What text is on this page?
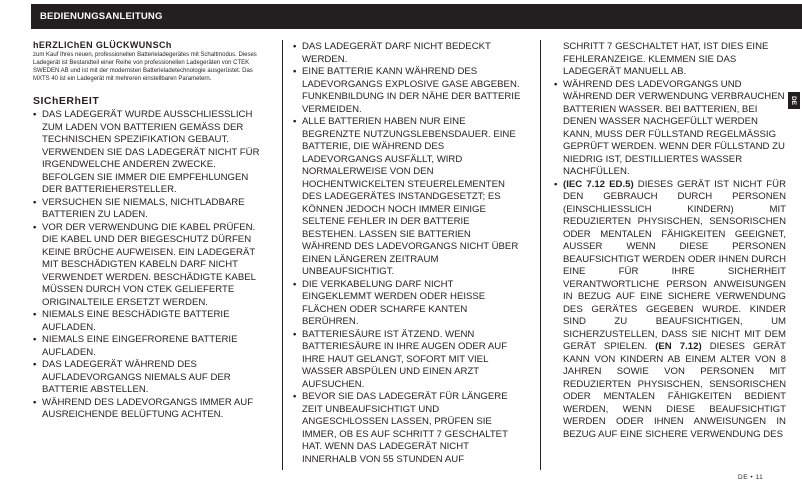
BEDIENUNGSANLEITUNG
DE
hERZLIChEN GLÜCKWUNSCh

zum Kauf Ihres neuen, professionellen Batterieladegerätes mit Schaltmodus. Dieses Ladegerät ist Bestandteil einer Reihe von professionellen Ladegeräten von CTEK SWEDEN AB und ist mit der modernsten Batterieladetechnologie ausgerüstet. Das MXTS 40 ist ein Ladegerät mit mehreren einstellbaren Parametern.

SIChERhEIT
• DAS LADEGERÄT WURDE AUSSCHLIESSLICH ZUM LADEN VON BATTERIEN GEMÄSS DER TECHNISCHEN SPEZIFIKATION GEBAUT. VERWENDEN SIE DAS LADEGERÄT NICHT FÜR IRGENDWELCHE ANDEREN ZWECKE. BEFOLGEN SIE IMMER DIE EMPFEHLUNGEN DER BATTERIEHERSTELLER.
• VERSUCHEN SIE NIEMALS, NICHTLADBARE BATTERIEN ZU LADEN.
• VOR DER VERWENDUNG DIE KABEL PRÜFEN. DIE KABEL UND DER BIEGESCHUTZ DÜRFEN KEINE BRÜCHE AUFWEISEN. EIN LADEGERÄT MIT BESCHÄDIGTEN KABELN DARF NICHT VERWENDET WERDEN. BESCHÄDIGTE KABEL MÜSSEN DURCH VON CTEK GELIEFERTE ORIGINALTEILE ERSETZT WERDEN.
• NIEMALS EINE BESCHÄDIGTE BATTERIE AUFLADEN.
• NIEMALS EINE EINGEFRORENE BATTERIE AUFLADEN.
• DAS LADEGERÄT WÄHREND DES AUFLADEVORGANGS NIEMALS AUF DER BATTERIE ABSTELLEN.
• WÄHREND DES LADEVORGANGS IMMER AUF AUSREICHENDE BELÜFTUNG ACHTEN.
• DAS LADEGERÄT DARF NICHT BEDECKT WERDEN.
• EINE BATTERIE KANN WÄHREND DES LADEVORGANGS EXPLOSIVE GASE ABGEBEN. FUNKENBILDUNG IN DER NÄHE DER BATTERIE VERMEIDEN.
• ALLE BATTERIEN HABEN NUR EINE BEGRENZTE NUTZUNGSLEBENSDAUER. EINE BATTERIE, DIE WÄHREND DES LADEVORGANGS AUSFÄLLT, WIRD NORMALERWEISE VON DEN HOCHENTWICKELTEN STEUERELEMENTEN DES LADEGERÄTES INSTANDGESETZT; ES KÖNNEN JEDOCH NOCH IMMER EINIGE SELTENE FEHLER IN DER BATTERIE BESTEHEN. LASSEN SIE BATTERIEN WÄHREND DES LADEVORGANGS NICHT ÜBER EINEN LÄNGEREN ZEITRAUM UNBEAUFSICHTIGT.
• DIE VERKABELUNG DARF NICHT EINGEKLEMMT WERDEN ODER HEISSE FLÄCHEN ODER SCHARFE KANTEN BERÜHREN.
• BATTERIESÄURE IST ÄTZEND. WENN BATTERIESÄURE IN IHRE AUGEN ODER AUF IHRE HAUT GELANGT, SOFORT MIT VIEL WASSER ABSPÜLEN UND EINEN ARZT AUFSUCHEN.
• BEVOR SIE DAS LADEGERÄT FÜR LÄNGERE ZEIT UNBEAUFSICHTIGT UND ANGESCHLOSSEN LASSEN, PRÜFEN SIE IMMER, OB ES AUF SCHRITT 7 GESCHALTET HAT. WENN DAS LADEGERÄT NICHT INNERHALB VON 55 STUNDEN AUF
SCHRITT 7 GESCHALTET HAT, IST DIES EINE FEHLERANZEIGE. KLEMMEN SIE DAS LADEGERÄT MANUELL AB.
• WÄHREND DES LADEVORGANGS UND WÄHREND DER VERWENDUNG VERBRAUCHEN BATTERIEN WASSER. BEI BATTERIEN, BEI DENEN WASSER NACHGEFÜLLT WERDEN KANN, MUSS DER FÜLLSTAND REGELMÄSSIG GEPRÜFT WERDEN. WENN DER FÜLLSTAND ZU NIEDRIG IST, DESTILLIERTES WASSER NACHFÜLLEN.
• (IEC 7.12 ED.5) DIESES GERÄT IST NICHT FÜR DEN GEBRAUCH DURCH PERSONEN (EINSCHLIESSLICH KINDERN) MIT REDUZIERTEN PHYSISCHEN, SENSORISCHEN ODER MENTALEN FÄHIGKEITEN GEEIGNET, AUSSER WENN DIESE PERSONEN BEAUFSICHTIGT WERDEN ODER IHNEN DURCH EINE FÜR IHRE SICHERHEIT VERANTWORTLICHE PERSON ANWEISUNGEN IN BEZUG AUF EINE SICHERE VERWENDUNG DES GERÄTES GEGEBEN WURDE. KINDER SIND ZU BEAUFSICHTIGEN, UM SICHERZUSTELLEN, DASS SIE NICHT MIT DEM GERÄT SPIELEN. (EN 7.12) DIESES GERÄT KANN VON KINDERN AB EINEM ALTER VON 8 JAHREN SOWIE VON PERSONEN MIT REDUZIERTEN PHYSISCHEN, SENSORISCHEN ODER MENTALEN FÄHIGKEITEN BEDIENT WERDEN, WENN DIESE BEAUFSICHTIGT WERDEN ODER IHNEN ANWEISUNGEN IN BEZUG AUF EINE SICHERE VERWENDUNG DES
DE • 11
